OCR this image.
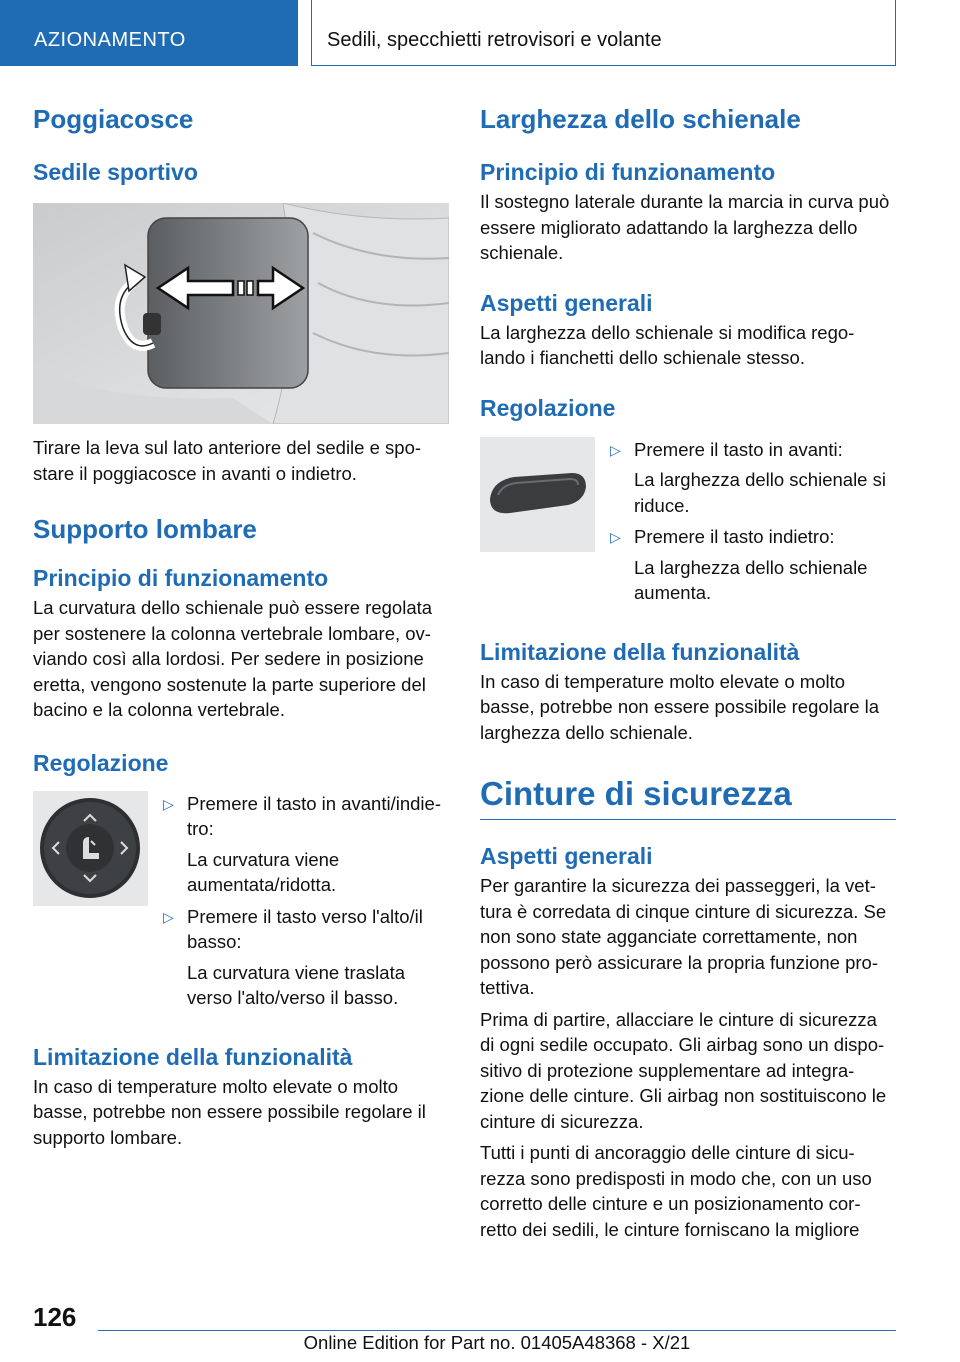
AZIONAMENTO	Sedili, specchietti retrovisori e volante
Poggiacosce
Sedile sportivo

Tirare la leva sul lato anteriore del sedile e spo-stare il poggiacosce in avanti o indietro.

Supporto lombare
Principio di funzionamento

La curvatura dello schienale può essere regolata per sostenere la colonna vertebrale lombare, ov-viando così alla lordosi. Per sedere in posizione eretta, vengono sostenute la parte superiore del bacino e la colonna vertebrale.

Regolazione
▷ Premere il tasto in avanti/indie-tro:

La curvatura viene aumentata/ridotta.

▷ Premere il tasto verso l'alto/il basso:

La curvatura viene traslata verso l'alto/verso il basso.

Limitazione della funzionalità

In caso di temperature molto elevate o molto basse, potrebbe non essere possibile regolare il supporto lombare.

Larghezza dello schienale
Principio di funzionamento

Il sostegno laterale durante la marcia in curva può essere migliorato adattando la larghezza dello schienale.

Aspetti generali

La larghezza dello schienale si modifica rego-lando i fianchetti dello schienale stesso.

Regolazione
▷ Premere il tasto in avanti:

La larghezza dello schienale si riduce.

▷ Premere il tasto indietro:

La larghezza dello schienale aumenta.

Limitazione della funzionalità

In caso di temperature molto elevate o molto basse, potrebbe non essere possibile regolare la larghezza dello schienale.

Cinture di sicurezza
Aspetti generali

Per garantire la sicurezza dei passeggeri, la vet-tura è corredata di cinque cinture di sicurezza. Se non sono state agganciate correttamente, non possono però assicurare la propria funzione pro-tettiva.

Prima di partire, allacciare le cinture di sicurezza di ogni sedile occupato. Gli airbag sono un dispo-sitivo di protezione supplementare ad integra-zione delle cinture. Gli airbag non sostituiscono le cinture di sicurezza.

Tutti i punti di ancoraggio delle cinture di sicu-rezza sono predisposti in modo che, con un uso corretto delle cinture e un posizionamento cor-retto dei sedili, le cinture forniscano la migliore

126
Online Edition for Part no. 01405A48368 - X/21
